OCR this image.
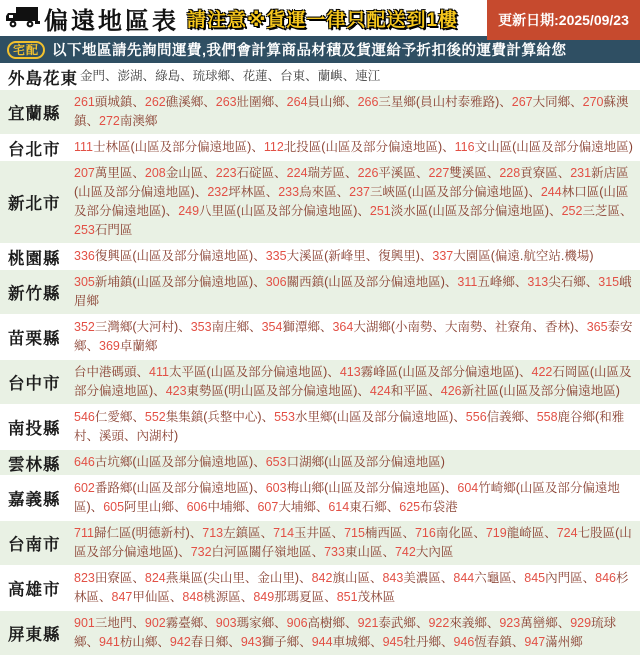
偏遠地區表 請注意※貨運一律只配送到1樓	更新日期:2025/09/23
宅配 以下地區請先詢問運費,我們會計算商品材積及貨運給予折扣後的運費計算給您
外島花東 金門、澎湖、綠島、琉球鄉、花蓮、台東、蘭嶼、連江
宜蘭縣
261頭城鎮、262礁溪鄉、263壯圍鄉、264員山鄉、266三星鄉(員山村泰雅路)、267大同鄉、270蘇澳鎮、272南澳鄉
台北市	111士林區(山區及部分偏遠地區)、112北投區(山區及部分偏遠地區)、116文山區(山區及部分偏遠地區)
新北市
207萬里區、208金山區、223石碇區、224瑞芳區、226平溪區、227雙溪區、228貢寮區、231新店區(山區及部分偏遠地區)、232坪林區、233烏來區、237三峽區(山區及部分偏遠地區)、244林口區(山區及部分偏遠地區)、249八里區(山區及部分偏遠地區)、251淡水區(山區及部分偏遠地區)、252三芝區、253石門區
桃園縣	336復興區(山區及部分偏遠地區)、335大溪區(新峰里、復興里)、337大園區(偏遠.航空站.機場)
新竹縣
305新埔鎮(山區及部分偏遠地區)、306關西鎮(山區及部分偏遠地區)、311五峰鄉、313尖石鄉、315峨眉鄉
苗栗縣
352三灣鄉(大河村)、353南庄鄉、354獅潭鄉、364大湖鄉(小南勢、大南勢、社寮角、香林)、365泰安鄉、369卓蘭鄉
台中市
台中港碼頭、411太平區(山區及部分偏遠地區)、413霧峰區(山區及部分偏遠地區)、422石岡區(山區及部分偏遠地區)、423東勢區(明山區及部分偏遠地區)、424和平區、426新社區(山區及部分偏遠地區)
南投縣
546仁愛鄉、552集集鎮(兵整中心)、553水里鄉(山區及部分偏遠地區)、556信義鄉、558鹿谷鄉(和雅村、溪頭、內湖村)
雲林縣	646古坑鄉(山區及部分偏遠地區)、653口湖鄉(山區及部分偏遠地區)
嘉義縣
602番路鄉(山區及部分偏遠地區)、603梅山鄉(山區及部分偏遠地區)、604竹崎鄉(山區及部分偏遠地區)、605阿里山鄉、606中埔鄉、607大埔鄉、614東石鄉、625布袋港
台南市
711歸仁區(明德新村)、713左鎮區、714玉井區、715楠西區、716南化區、719龍崎區、724七股區(山區及部分偏遠地區)、732白河區關仔嶺地區、733東山區、742大內區
高雄市
823田寮區、824燕巢區(尖山里、金山里)、842旗山區、843美濃區、844六龜區、845內門區、846杉林區、847甲仙區、848桃源區、849那瑪夏區、851茂林區
屏東縣
901三地門、902霧臺鄉、903瑪家鄉、906高樹鄉、921泰武鄉、922來義鄉、923萬巒鄉、929琉球鄉、941枋山鄉、942春日鄉、943獅子鄉、944車城鄉、945牡丹鄉、946恆春鎮、947滿州鄉
